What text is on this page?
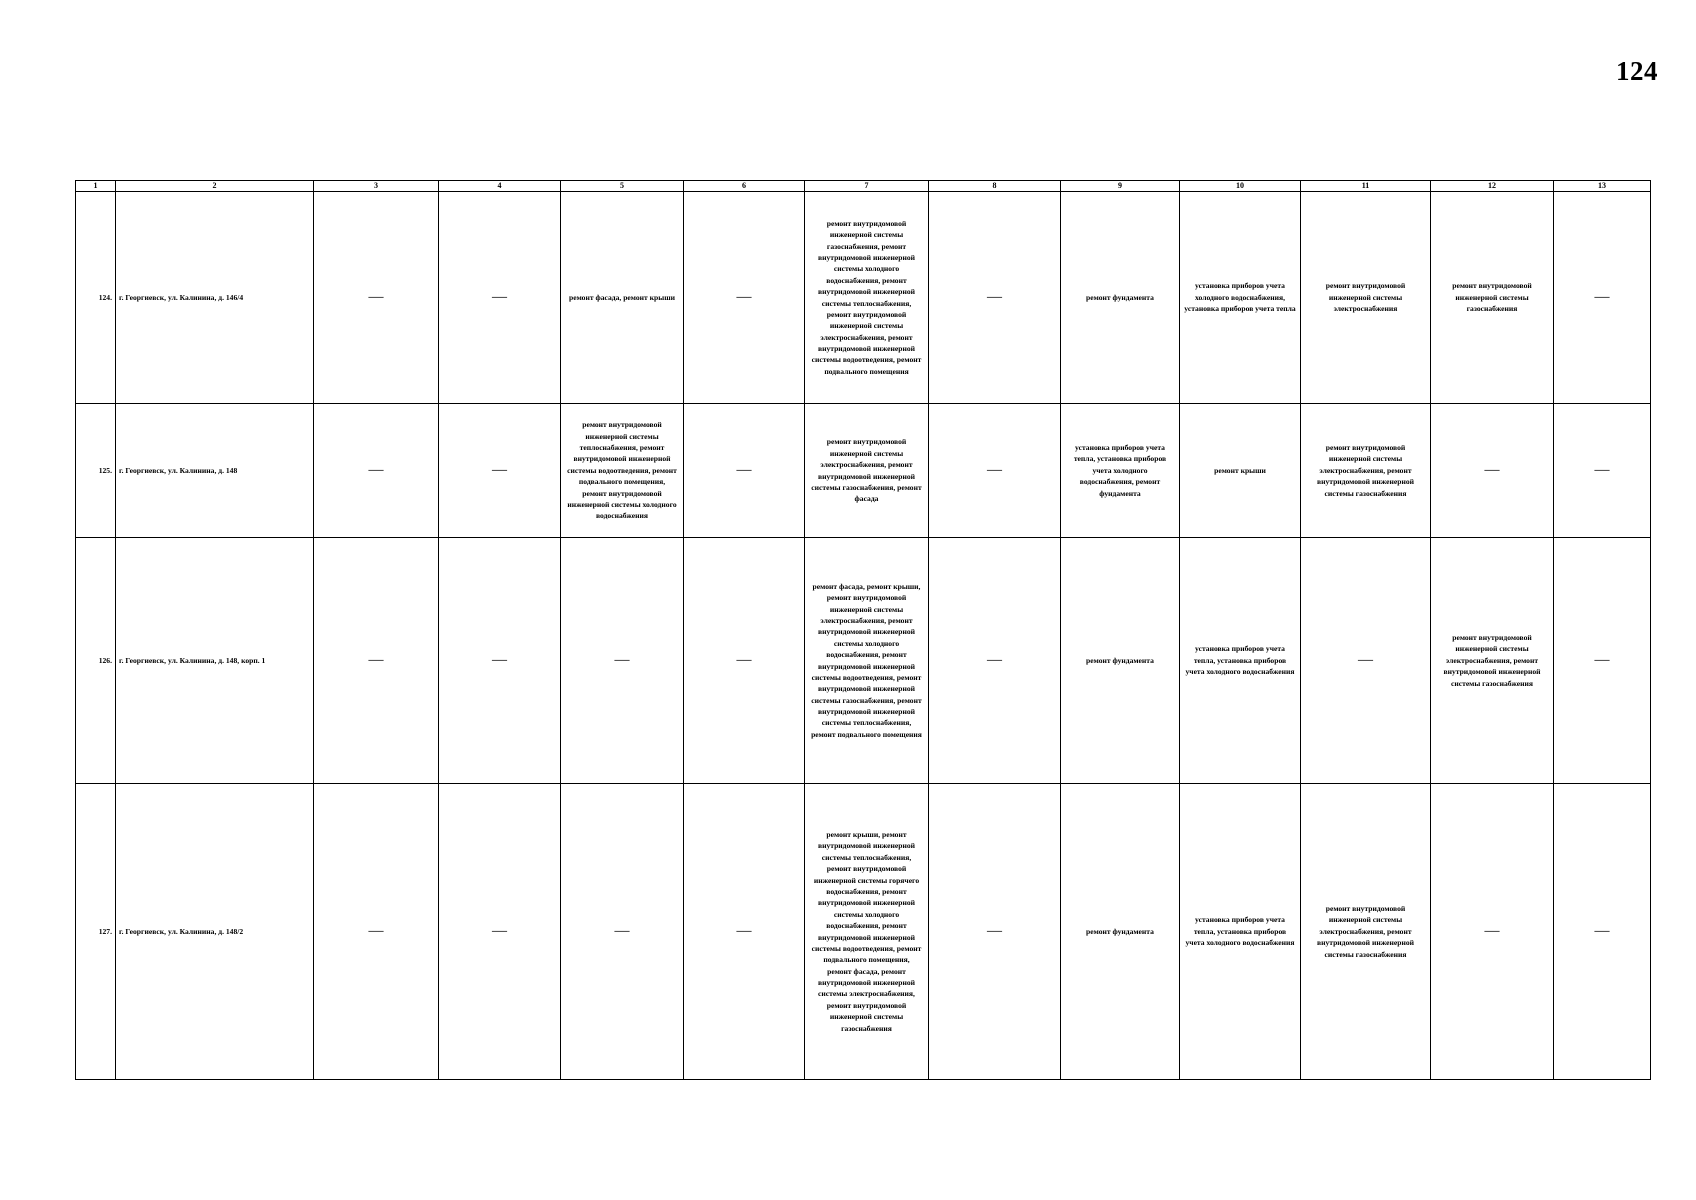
124
1	2	3	4	5	6	7	8	9	10	11	12	13
124.	г. Георгиевск, ул. Калинина, д. 146/4	—	—	ремонт фасада, ремонт крыши	—	ремонт внутридомовой инженерной системы газоснабжения, ремонт внутридомовой инженерной системы холодного водоснабжения, ремонт внутридомовой инженерной системы теплоснабжения, ремонт внутридомовой инженерной системы электроснабжения, ремонт внутридомовой инженерной системы водоотведения, ремонт подвального помещения	—	ремонт фундамента	установка приборов учета холодного водоснабжения, установка приборов учета тепла	ремонт внутридомовой инженерной системы электроснабжения	ремонт внутридомовой инженерной системы газоснабжения	—
125.	г. Георгиевск, ул. Калинина, д. 148	—	—	ремонт внутридомовой инженерной системы теплоснабжения, ремонт внутридомовой инженерной системы водоотведения, ремонт подвального помещения, ремонт внутридомовой инженерной системы холодного водоснабжения	—	ремонт внутридомовой инженерной системы электроснабжения, ремонт внутридомовой инженерной системы газоснабжения, ремонт фасада	—	установка приборов учета тепла, установка приборов учета холодного водоснабжения, ремонт фундамента	ремонт крыши	ремонт внутридомовой инженерной системы электроснабжения, ремонт внутридомовой инженерной системы газоснабжения	—	—
126.	г. Георгиевск, ул. Калинина, д. 148, корп. 1	—	—	—	—	ремонт фасада, ремонт крыши, ремонт внутридомовой инженерной системы электроснабжения, ремонт внутридомовой инженерной системы холодного водоснабжения, ремонт внутридомовой инженерной системы водоотведения, ремонт внутридомовой инженерной системы газоснабжения, ремонт внутридомовой инженерной системы теплоснабжения, ремонт подвального помещения	—	ремонт фундамента	установка приборов учета тепла, установка приборов учета холодного водоснабжения	—	ремонт внутридомовой инженерной системы электроснабжения, ремонт внутридомовой инженерной системы газоснабжения	—
127.	г. Георгиевск, ул. Калинина, д. 148/2	—	—	—	—	ремонт крыши, ремонт внутридомовой инженерной системы теплоснабжения, ремонт внутридомовой инженерной системы горячего водоснабжения, ремонт внутридомовой инженерной системы холодного водоснабжения, ремонт внутридомовой инженерной системы водоотведения, ремонт подвального помещения, ремонт фасада, ремонт внутридомовой инженерной системы электроснабжения, ремонт внутридомовой инженерной системы газоснабжения	—	ремонт фундамента	установка приборов учета тепла, установка приборов учета холодного водоснабжения	ремонт внутридомовой инженерной системы электроснабжения, ремонт внутридомовой инженерной системы газоснабжения	—	—
